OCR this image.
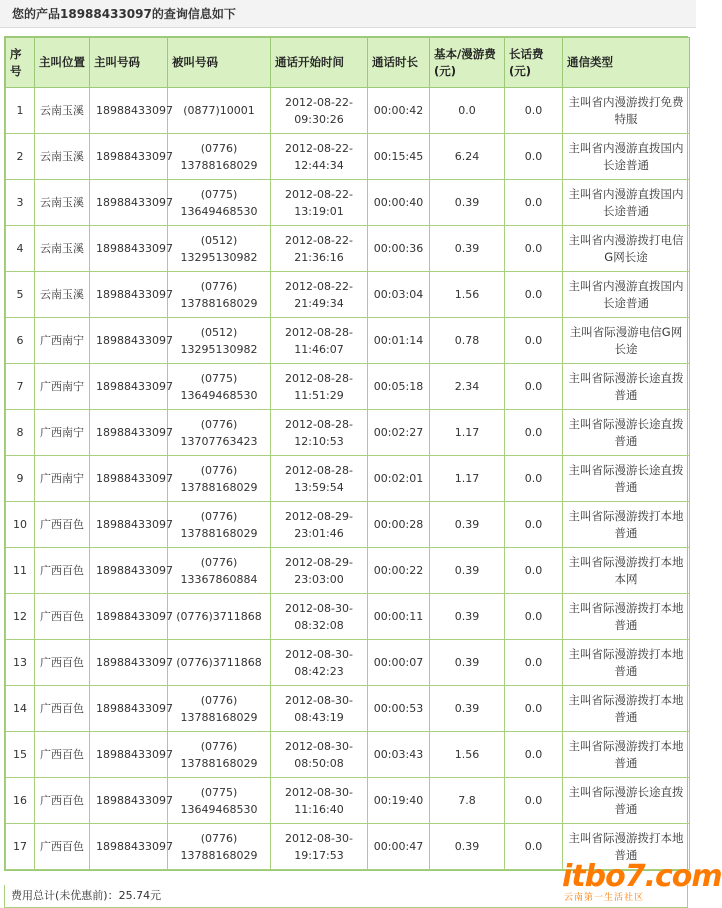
您的产品18988433097的查询信息如下
序号	主叫位置	主叫号码	被叫号码	通话开始时间	通话时长	基本/漫游费(元)	长话费(元)	通信类型
1	云南玉溪	18988433097	(0877)10001	2012-08-22-09:30:26	00:00:42	0.0	0.0	主叫省内漫游拨打免费特服
2	云南玉溪	18988433097	(0776) 13788168029	2012-08-22-12:44:34	00:15:45	6.24	0.0	主叫省内漫游直拨国内长途普通
3	云南玉溪	18988433097	(0775) 13649468530	2012-08-22-13:19:01	00:00:40	0.39	0.0	主叫省内漫游直拨国内长途普通
4	云南玉溪	18988433097	(0512) 13295130982	2012-08-22-21:36:16	00:00:36	0.39	0.0	主叫省内漫游拨打电信G网长途
5	云南玉溪	18988433097	(0776) 13788168029	2012-08-22-21:49:34	00:03:04	1.56	0.0	主叫省内漫游直拨国内长途普通
6	广西南宁	18988433097	(0512) 13295130982	2012-08-28-11:46:07	00:01:14	0.78	0.0	主叫省际漫游电信G网长途
7	广西南宁	18988433097	(0775) 13649468530	2012-08-28-11:51:29	00:05:18	2.34	0.0	主叫省际漫游长途直拨普通
8	广西南宁	18988433097	(0776) 13707763423	2012-08-28-12:10:53	00:02:27	1.17	0.0	主叫省际漫游长途直拨普通
9	广西南宁	18988433097	(0776) 13788168029	2012-08-28-13:59:54	00:02:01	1.17	0.0	主叫省际漫游长途直拨普通
10	广西百色	18988433097	(0776) 13788168029	2012-08-29-23:01:46	00:00:28	0.39	0.0	主叫省际漫游拨打本地普通
11	广西百色	18988433097	(0776) 13367860884	2012-08-29-23:03:00	00:00:22	0.39	0.0	主叫省际漫游拨打本地本网
12	广西百色	18988433097	(0776)3711868	2012-08-30-08:32:08	00:00:11	0.39	0.0	主叫省际漫游拨打本地普通
13	广西百色	18988433097	(0776)3711868	2012-08-30-08:42:23	00:00:07	0.39	0.0	主叫省际漫游拨打本地普通
14	广西百色	18988433097	(0776) 13788168029	2012-08-30-08:43:19	00:00:53	0.39	0.0	主叫省际漫游拨打本地普通
15	广西百色	18988433097	(0776) 13788168029	2012-08-30-08:50:08	00:03:43	1.56	0.0	主叫省际漫游拨打本地普通
16	广西百色	18988433097	(0775) 13649468530	2012-08-30-11:16:40	00:19:40	7.8	0.0	主叫省际漫游长途直拨普通
17	广西百色	18988433097	(0776) 13788168029	2012-08-30-19:17:53	00:00:47	0.39	0.0	主叫省际漫游拨打本地普通
费用总计(未优惠前)：25.74元
itbo7.com
云南第一生活社区
